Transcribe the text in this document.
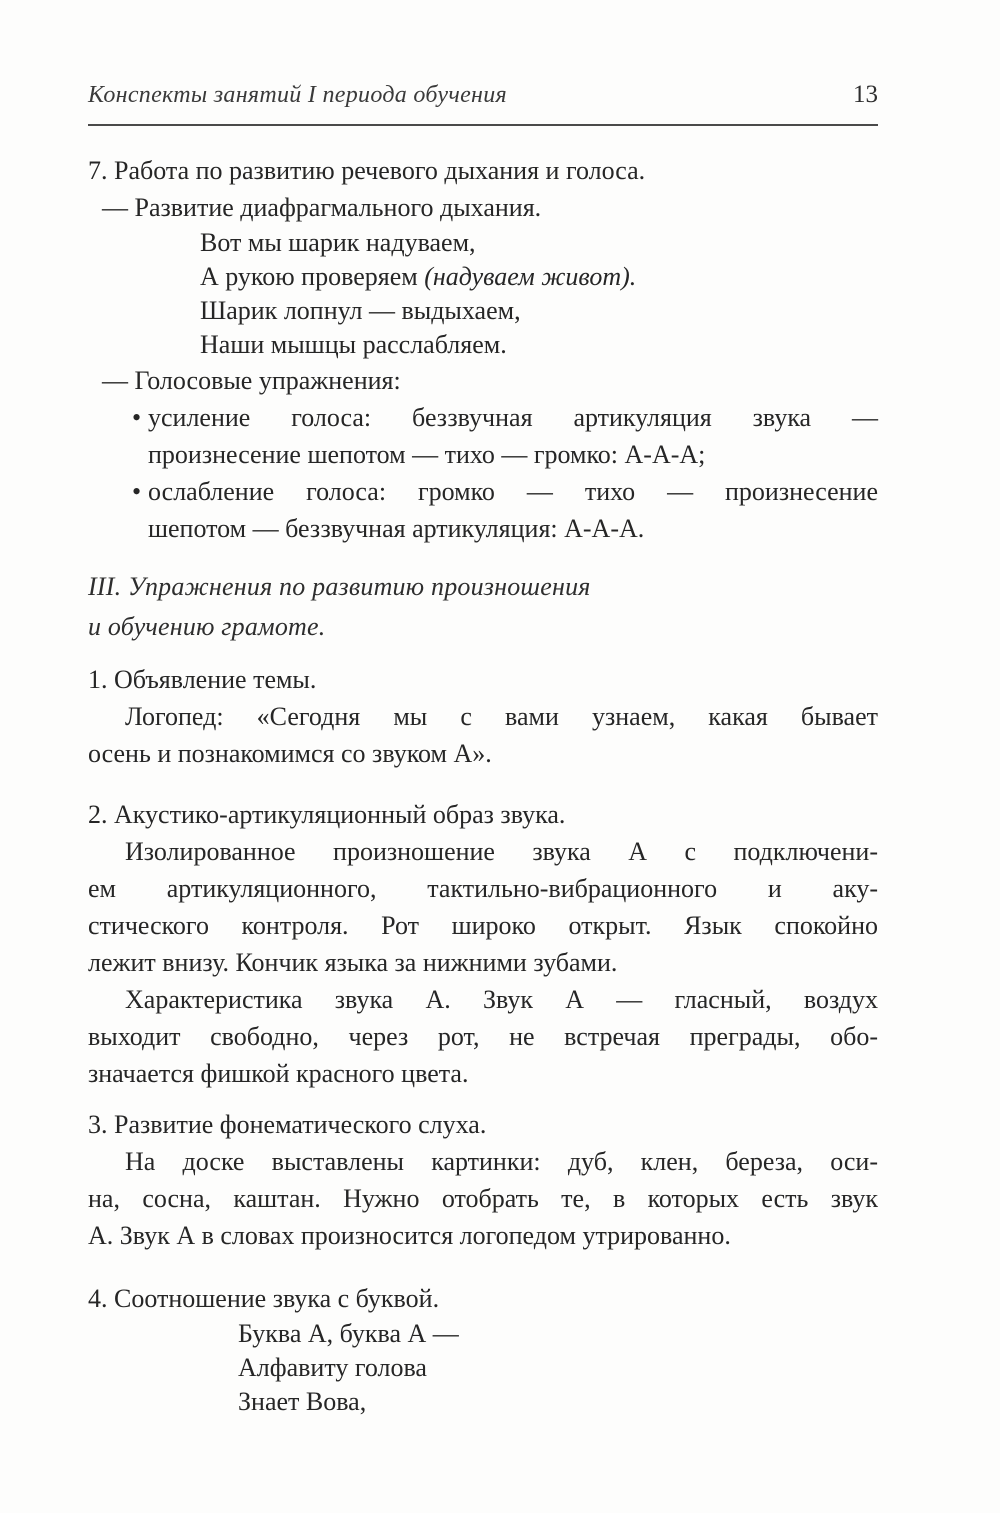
Конспекты занятий I периода обучения	13
7. Работа по развитию речевого дыхания и голоса.
— Развитие диафрагмального дыхания.
Вот мы шарик надуваем,
А рукою проверяем (надуваем живот).
Шарик лопнул — выдыхаем,
Наши мышцы расслабляем.
— Голосовые упражнения:
• усиление голоса: беззвучная артикуляция звука —
произнесение шепотом — тихо — громко: А-А-А;
• ослабление голоса: громко — тихо — произнесение
шепотом — беззвучная артикуляция: А-А-А.
III. Упражнения по развитию произношения
и обучению грамоте.
1. Объявление темы.
Логопед: «Сегодня мы с вами узнаем, какая бывает
осень и познакомимся со звуком А».
2. Акустико-артикуляционный образ звука.
Изолированное произношение звука А с подключени-
ем артикуляционного, тактильно-вибрационного и аку-
стического контроля. Рот широко открыт. Язык спокойно
лежит внизу. Кончик языка за нижними зубами.
Характеристика звука А. Звук А — гласный, воздух
выходит свободно, через рот, не встречая преграды, обо-
значается фишкой красного цвета.
3. Развитие фонематического слуха.
На доске выставлены картинки: дуб, клен, береза, оси-
на, сосна, каштан. Нужно отобрать те, в которых есть звук
А. Звук А в словах произносится логопедом утрированно.
4. Соотношение звука с буквой.
Буква А, буква А —
Алфавиту голова
Знает Вова,
